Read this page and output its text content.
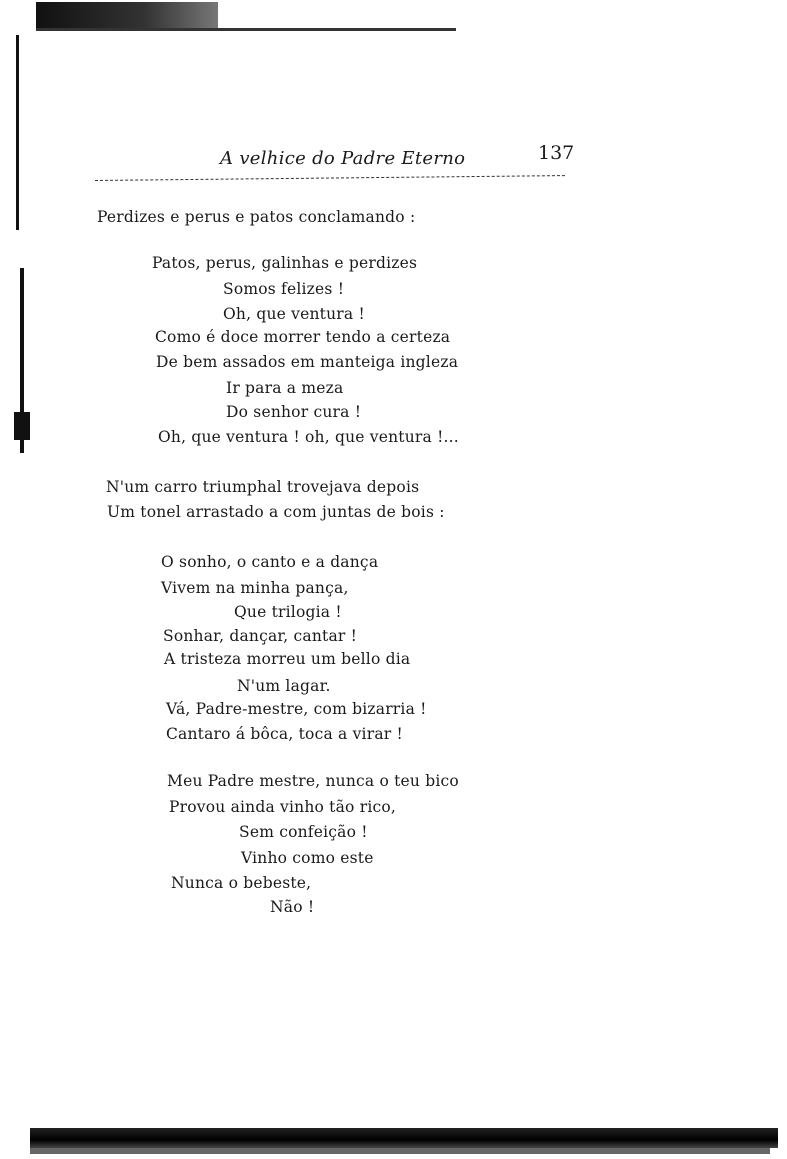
A velhice do Padre Eterno	137
Perdizes e perus e patos conclamando :
Patos, perus, galinhas e perdizes
Somos felizes !
Oh, que ventura !
Como é doce morrer tendo a certeza
De bem assados em manteiga ingleza
Ir para a meza
Do senhor cura !
Oh, que ventura ! oh, que ventura !...
N'um carro triumphal trovejava depois
Um tonel arrastado a com juntas de bois :
O sonho, o canto e a dança
Vivem na minha pança,
Que trilogia !
Sonhar, dançar, cantar !
A tristeza morreu um bello dia
N'um lagar.
Vá, Padre-mestre, com bizarria !
Cantaro á bôca, toca a virar !
Meu Padre mestre, nunca o teu bico
Provou ainda vinho tão rico,
Sem confeição !
Vinho como este
Nunca o bebeste,
Não !
